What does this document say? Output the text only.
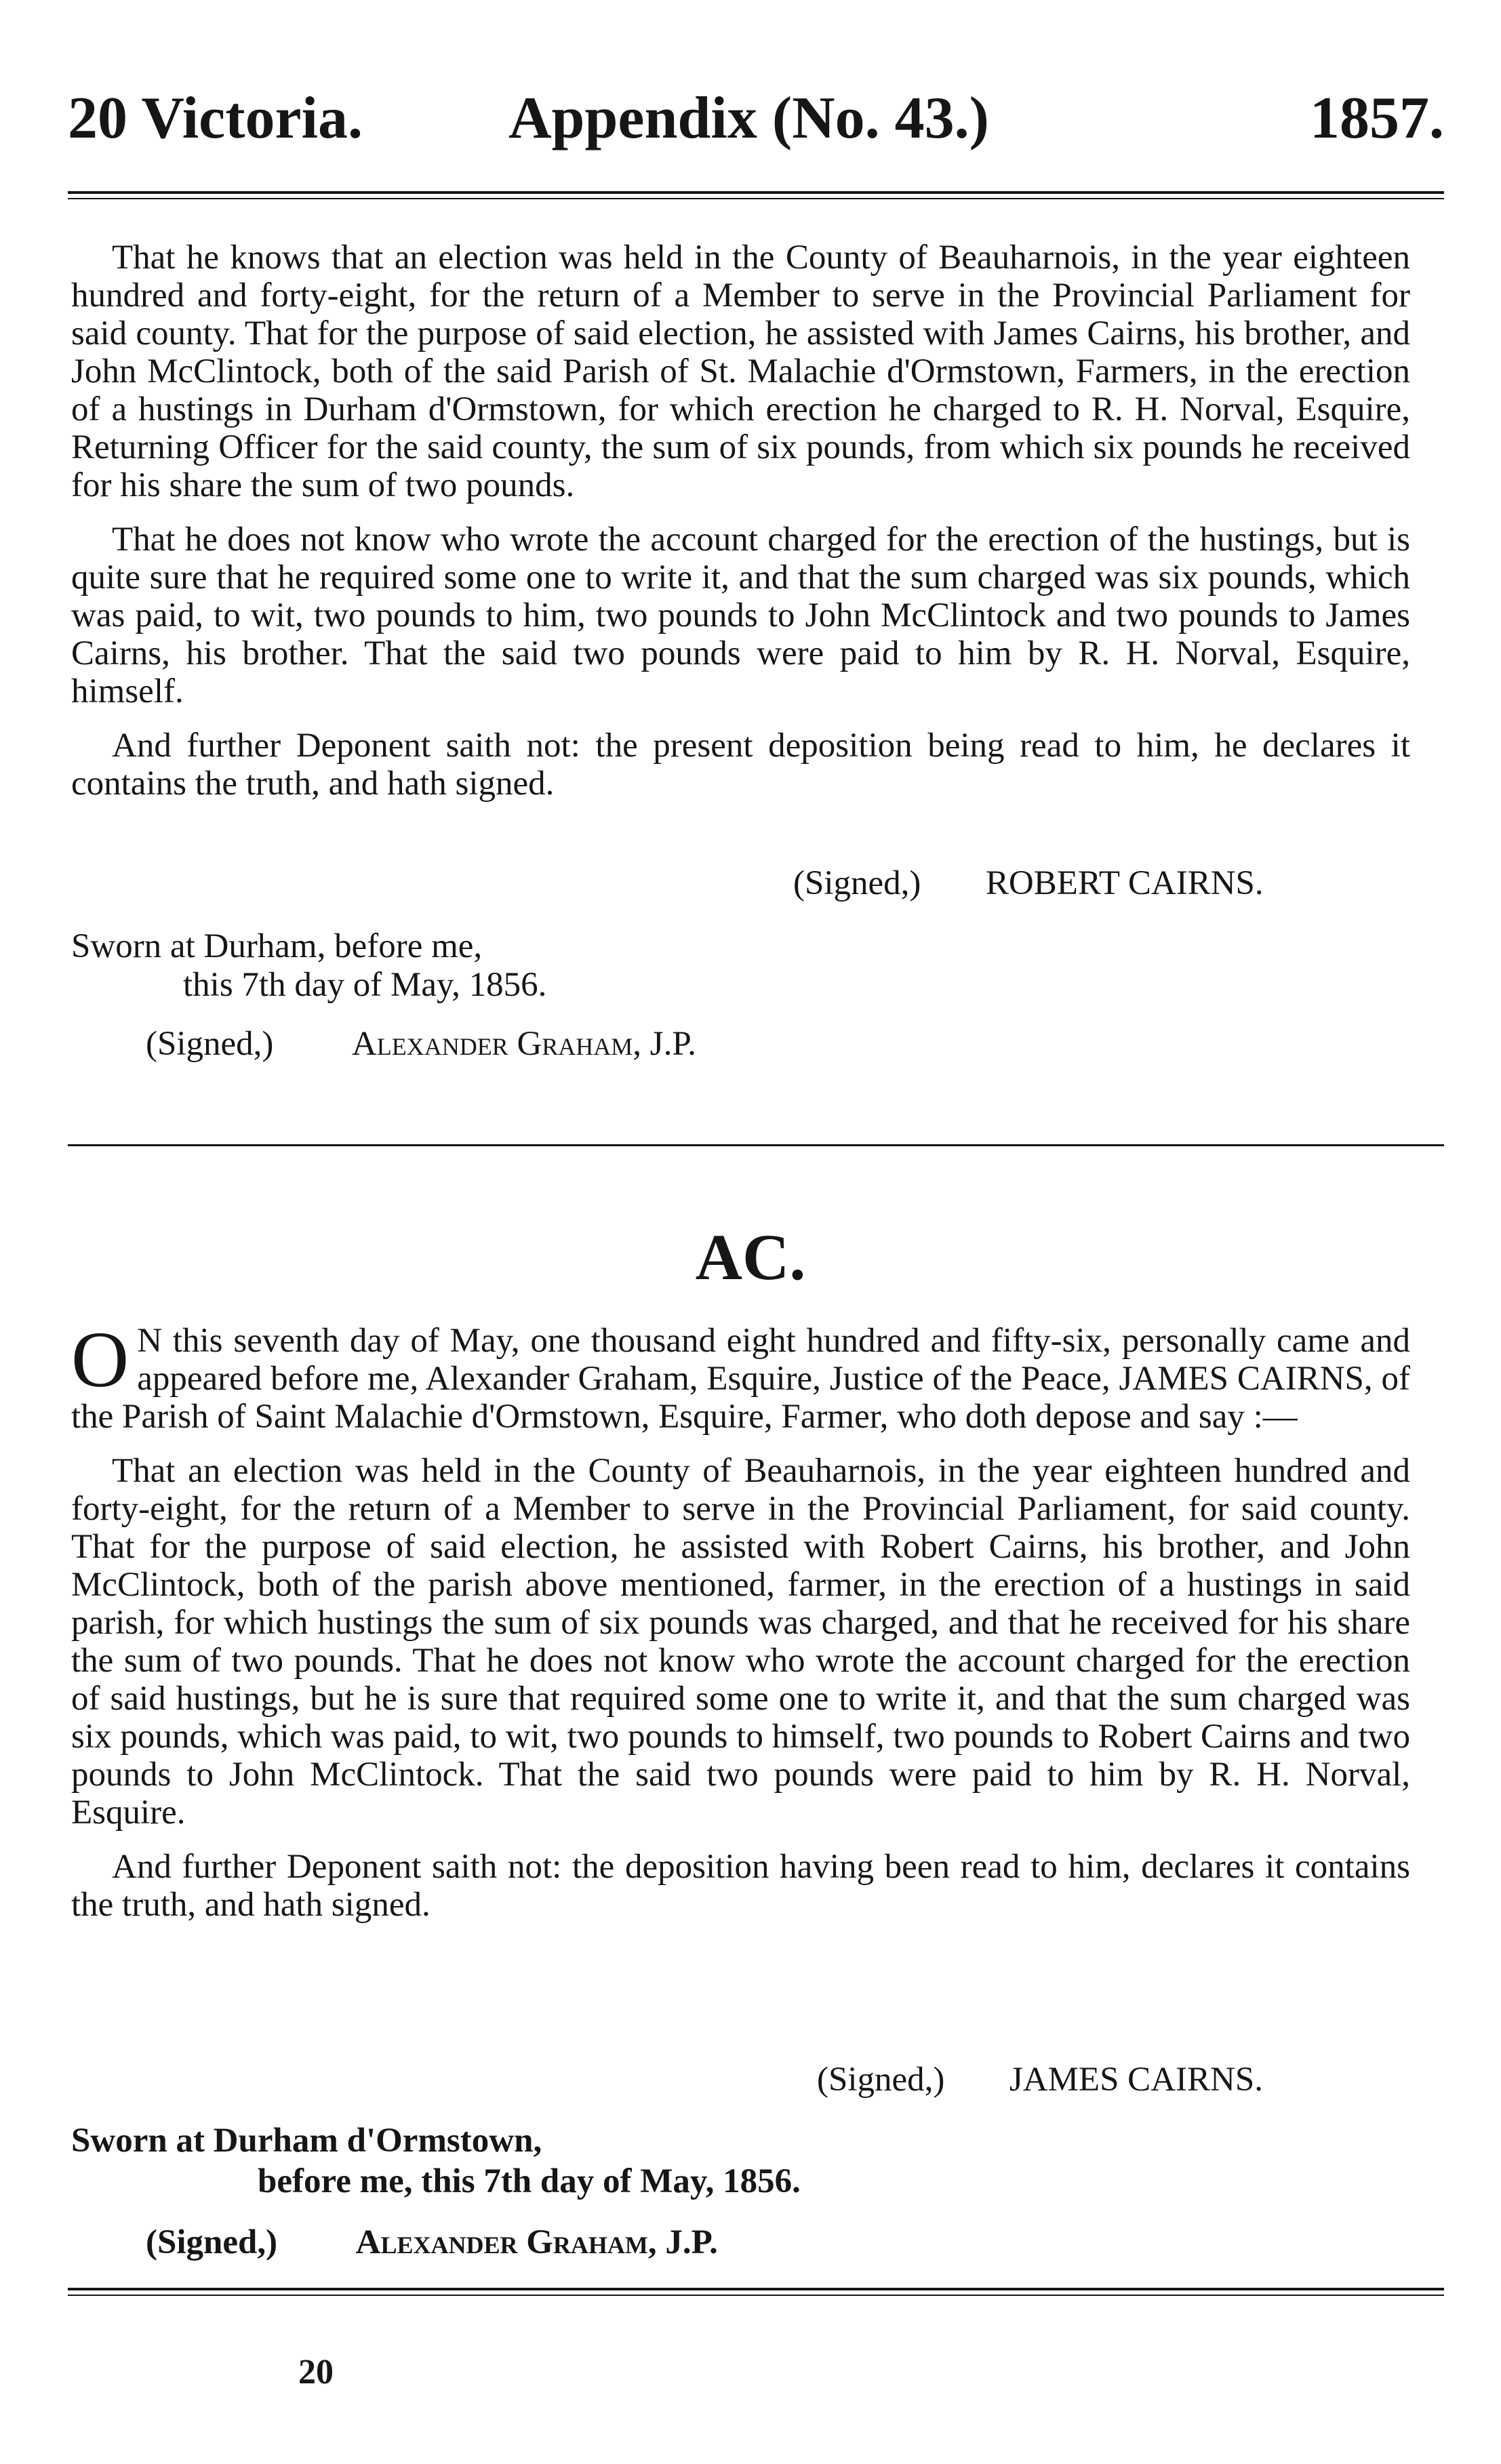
20 Victoria. Appendix (No. 43.)	1857.

That he knows that an election was held in the County of Beauharnois, in the year eighteen hundred and forty-eight, for the return of a Member to serve in the Provincial Parliament for said county. That for the purpose of said election, he assisted with James Cairns, his brother, and John McClintock, both of the said Parish of St. Malachie d'Ormstown, Farmers, in the erection of a hustings in Durham d'Ormstown, for which erection he charged to R. H. Norval, Esquire, Returning Officer for the said county, the sum of six pounds, from which six pounds he received for his share the sum of two pounds.

That he does not know who wrote the account charged for the erection of the hustings, but is quite sure that he required some one to write it, and that the sum charged was six pounds, which was paid, to wit, two pounds to him, two pounds to John McClintock and two pounds to James Cairns, his brother. That the said two pounds were paid to him by R. H. Norval, Esquire, himself.

And further Deponent saith not: the present deposition being read to him, he declares it contains the truth, and hath signed.

(Signed,) ROBERT CAIRNS.
Sworn at Durham, before me,
this 7th day of May, 1856.
(Signed,) Alexander Graham, J.P.
AC.

O N this seventh day of May, one thousand eight hundred and fifty-six, personally came and appeared before me, Alexander Graham, Esquire, Justice of the Peace, JAMES CAIRNS, of the Parish of Saint Malachie d'Ormstown, Esquire, Farmer, who doth depose and say :—

That an election was held in the County of Beauharnois, in the year eighteen hundred and forty-eight, for the return of a Member to serve in the Provincial Parliament, for said county. That for the purpose of said election, he assisted with Robert Cairns, his brother, and John McClintock, both of the parish above mentioned, farmer, in the erection of a hustings in said parish, for which hustings the sum of six pounds was charged, and that he received for his share the sum of two pounds. That he does not know who wrote the account charged for the erection of said hustings, but he is sure that required some one to write it, and that the sum charged was six pounds, which was paid, to wit, two pounds to himself, two pounds to Robert Cairns and two pounds to John McClintock. That the said two pounds were paid to him by R. H. Norval, Esquire.

And further Deponent saith not: the deposition having been read to him, declares it contains the truth, and hath signed.

(Signed,) JAMES CAIRNS.
Sworn at Durham d'Ormstown,
before me, this 7th day of May, 1856.
(Signed,) Alexander Graham, J.P.
20
